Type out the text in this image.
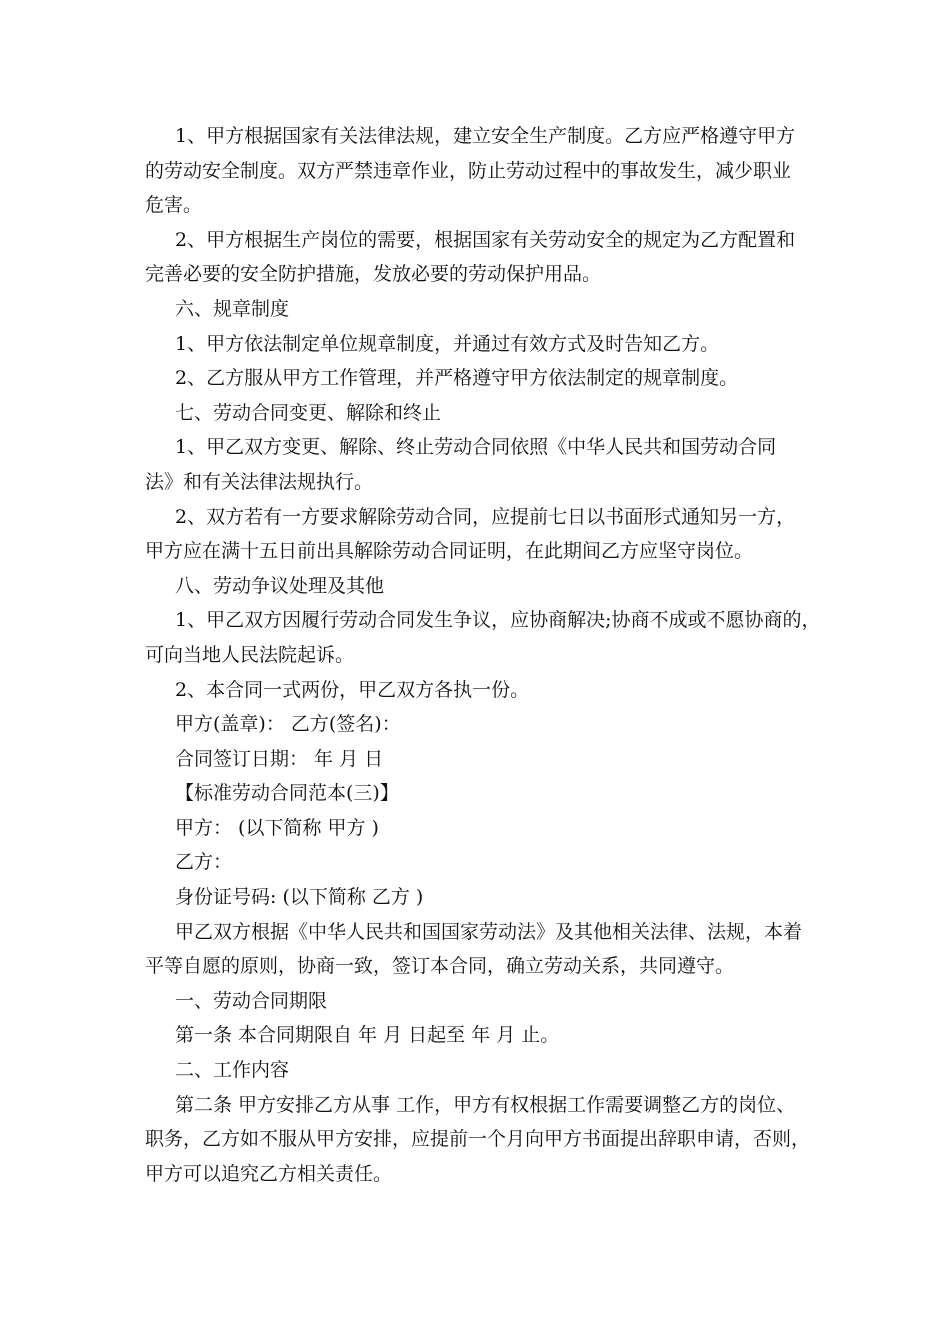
1、甲方根据国家有关法律法规，建立安全生产制度。乙方应严格遵守甲方
的劳动安全制度。双方严禁违章作业，防止劳动过程中的事故发生，减少职业
危害。
2、甲方根据生产岗位的需要，根据国家有关劳动安全的规定为乙方配置和
完善必要的安全防护措施，发放必要的劳动保护用品。
六、规章制度
1、甲方依法制定单位规章制度，并通过有效方式及时告知乙方。
2、乙方服从甲方工作管理，并严格遵守甲方依法制定的规章制度。
七、劳动合同变更、解除和终止
1、甲乙双方变更、解除、终止劳动合同依照《中华人民共和国劳动合同
法》和有关法律法规执行。
2、双方若有一方要求解除劳动合同，应提前七日以书面形式通知另一方，
甲方应在满十五日前出具解除劳动合同证明，在此期间乙方应坚守岗位。
八、劳动争议处理及其他
1、甲乙双方因履行劳动合同发生争议，应协商解决;协商不成或不愿协商的，
可向当地人民法院起诉。
2、本合同一式两份，甲乙双方各执一份。
甲方(盖章)： 乙方(签名)：
合同签订日期： 年 月 日
【标准劳动合同范本(三)】
甲方： (以下简称 甲方 )
乙方：
身份证号码: (以下简称 乙方 )
甲乙双方根据《中华人民共和国国家劳动法》及其他相关法律、法规，本着
平等自愿的原则，协商一致，签订本合同，确立劳动关系，共同遵守。
一、劳动合同期限
第一条 本合同期限自 年 月 日起至 年 月 止。
二、工作内容
第二条 甲方安排乙方从事 工作，甲方有权根据工作需要调整乙方的岗位、
职务，乙方如不服从甲方安排，应提前一个月向甲方书面提出辞职申请，否则，
甲方可以追究乙方相关责任。
